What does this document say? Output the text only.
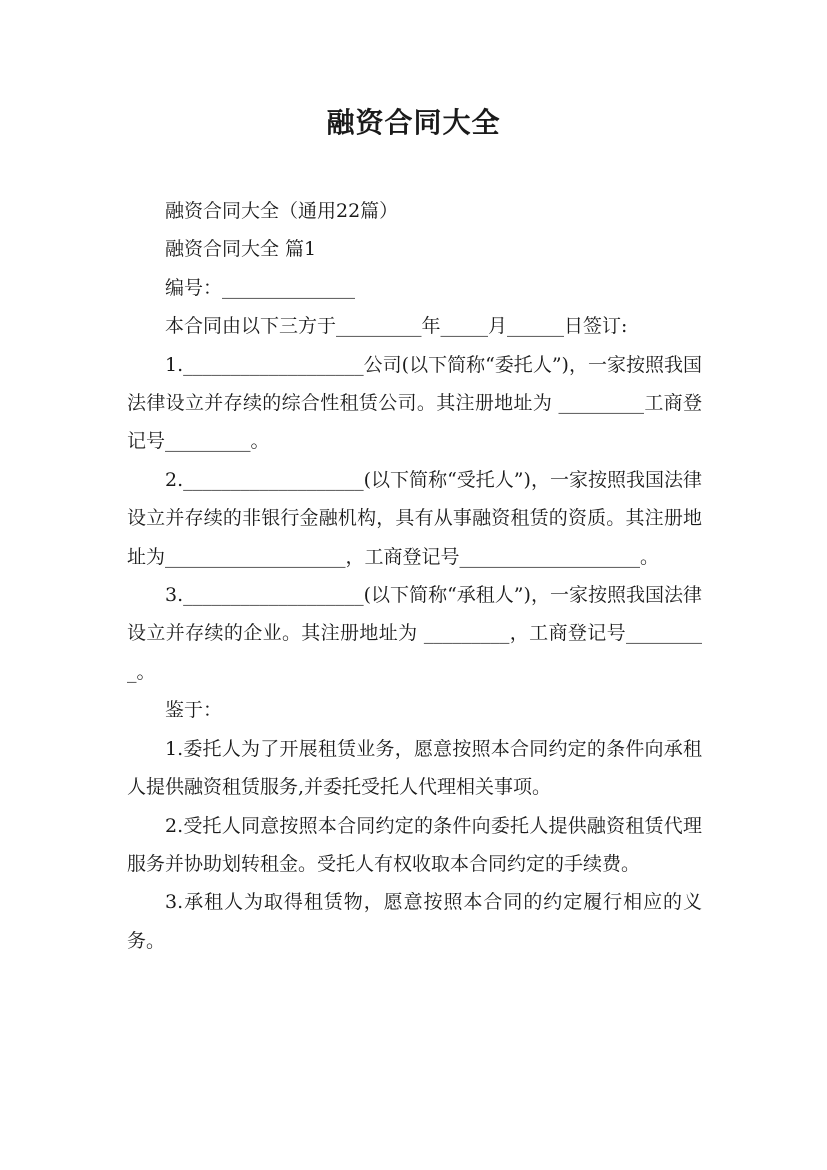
融资合同大全

融资合同大全（通用22篇）

融资合同大全 篇1

编号：______________

本合同由以下三方于_________年_____月______日签订:

1.___________________公司(以下简称“委托人”)，一家按照我国法律设立并存续的综合性租赁公司。其注册地址为 _________工商登记号_________。

2.___________________(以下简称“受托人”)，一家按照我国法律设立并存续的非银行金融机构，具有从事融资租赁的资质。其注册地址为___________________，工商登记号___________________。

3.___________________(以下简称“承租人”)，一家按照我国法律设立并存续的企业。其注册地址为 _________，工商登记号_________。

鉴于：

1.委托人为了开展租赁业务，愿意按照本合同约定的条件向承租人提供融资租赁服务,并委托受托人代理相关事项。

2.受托人同意按照本合同约定的条件向委托人提供融资租赁代理服务并协助划转租金。受托人有权收取本合同约定的手续费。

3.承租人为取得租赁物，愿意按照本合同的约定履行相应的义务。
